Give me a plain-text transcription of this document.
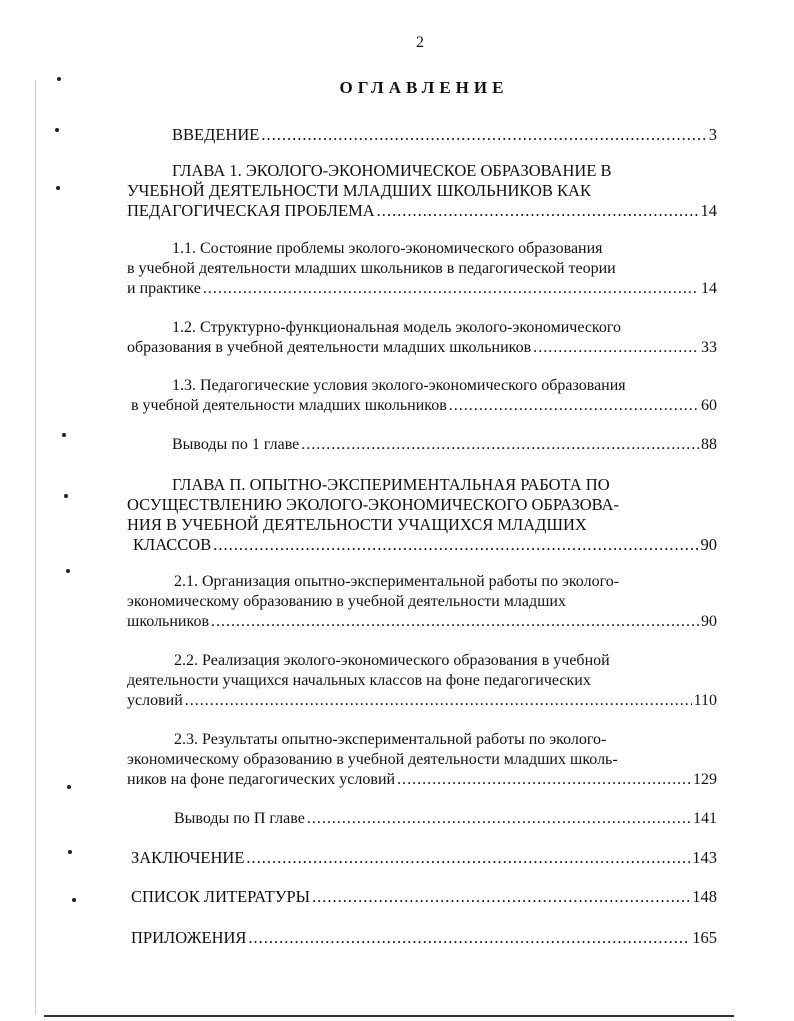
2
ОГЛАВЛЕНИЕ
ВВЕДЕНИЕ .....	3
ГЛАВА 1. ЭКОЛОГО-ЭКОНОМИЧЕСКОЕ ОБРАЗОВАНИЕ В
УЧЕБНОЙ ДЕЯТЕЛЬНОСТИ МЛАДШИХ ШКОЛЬНИКОВ КАК
ПЕДАГОГИЧЕСКАЯ ПРОБЛЕМА .....	14
1.1. Состояние проблемы эколого-экономического образования
в учебной деятельности младших школьников в педагогической теории
и практике .....	14
1.2. Структурно-функциональная модель эколого-экономического
образования в учебной деятельности младших школьников .....	33
1.3. Педагогические условия эколого-экономического образования
в учебной деятельности младших школьников .....	60
Выводы по 1 главе .....	88
ГЛАВА П. ОПЫТНО-ЭКСПЕРИМЕНТАЛЬНАЯ РАБОТА ПО
ОСУЩЕСТВЛЕНИЮ ЭКОЛОГО-ЭКОНОМИЧЕСКОГО ОБРАЗОВА-
НИЯ В УЧЕБНОЙ ДЕЯТЕЛЬНОСТИ УЧАЩИХСЯ МЛАДШИХ
КЛАССОВ .....	90
2.1. Организация опытно-экспериментальной работы по эколого-
экономическому образованию в учебной деятельности младших
школьников .....	90
2.2. Реализация эколого-экономического образования в учебной
деятельности учащихся начальных классов на фоне педагогических
условий .....	110
2.3. Результаты опытно-экспериментальной работы по эколого-
экономическому образованию в учебной деятельности младших школь-
ников на фоне педагогических условий .....	129
Выводы по П главе .....	141
ЗАКЛЮЧЕНИЕ .....	143
СПИСОК ЛИТЕРАТУРЫ .....	148
ПРИЛОЖЕНИЯ .....	165
